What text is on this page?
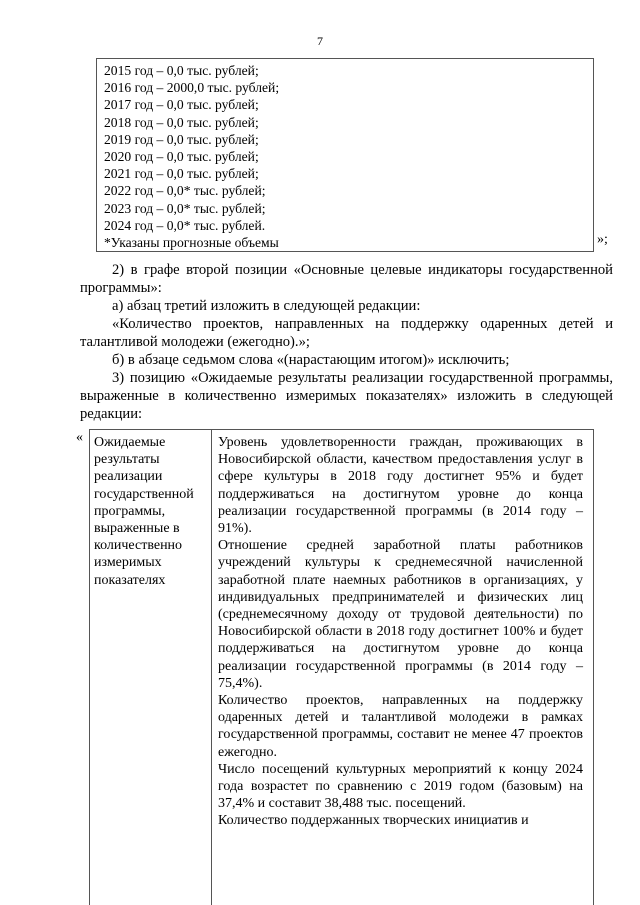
7
2015 год – 0,0 тыс. рублей;
2016 год – 2000,0 тыс. рублей;
2017 год – 0,0 тыс. рублей;
2018 год – 0,0 тыс. рублей;
2019 год – 0,0 тыс. рублей;
2020 год – 0,0 тыс. рублей;
2021 год – 0,0 тыс. рублей;
2022 год – 0,0* тыс. рублей;
2023 год – 0,0* тыс. рублей;
2024 год – 0,0* тыс. рублей.
*Указаны прогнозные объемы	»;
2) в графе второй позиции «Основные целевые индикаторы государственной программы»:
а) абзац третий изложить в следующей редакции:
«Количество проектов, направленных на поддержку одаренных детей и талантливой молодежи (ежегодно).»;
б) в абзаце седьмом слова «(нарастающим итогом)» исключить;
3) позицию «Ожидаемые результаты реализации государственной программы, выраженные в количественно измеримых показателях» изложить в следующей редакции:
« Ожидаемые результаты реализации государственной программы, выраженные в количественно измеримых показателях

Уровень удовлетворенности граждан, проживающих в Новосибирской области, качеством предоставления услуг в сфере культуры в 2018 году достигнет 95% и будет поддерживаться на достигнутом уровне до конца реализации государственной программы (в 2014 году – 91%).

Отношение средней заработной платы работников учреждений культуры к среднемесячной начисленной заработной плате наемных работников в организациях, у индивидуальных предпринимателей и физических лиц (среднемесячному доходу от трудовой деятельности) по Новосибирской области в 2018 году достигнет 100% и будет поддерживаться на достигнутом уровне до конца реализации государственной программы (в 2014 году – 75,4%).

Количество проектов, направленных на поддержку одаренных детей и талантливой молодежи в рамках государственной программы, составит не менее 47 проектов ежегодно.

Число посещений культурных мероприятий к концу 2024 года возрастет по сравнению с 2019 годом (базовым) на 37,4% и составит 38,488 тыс. посещений.

Количество поддержанных творческих инициатив и
